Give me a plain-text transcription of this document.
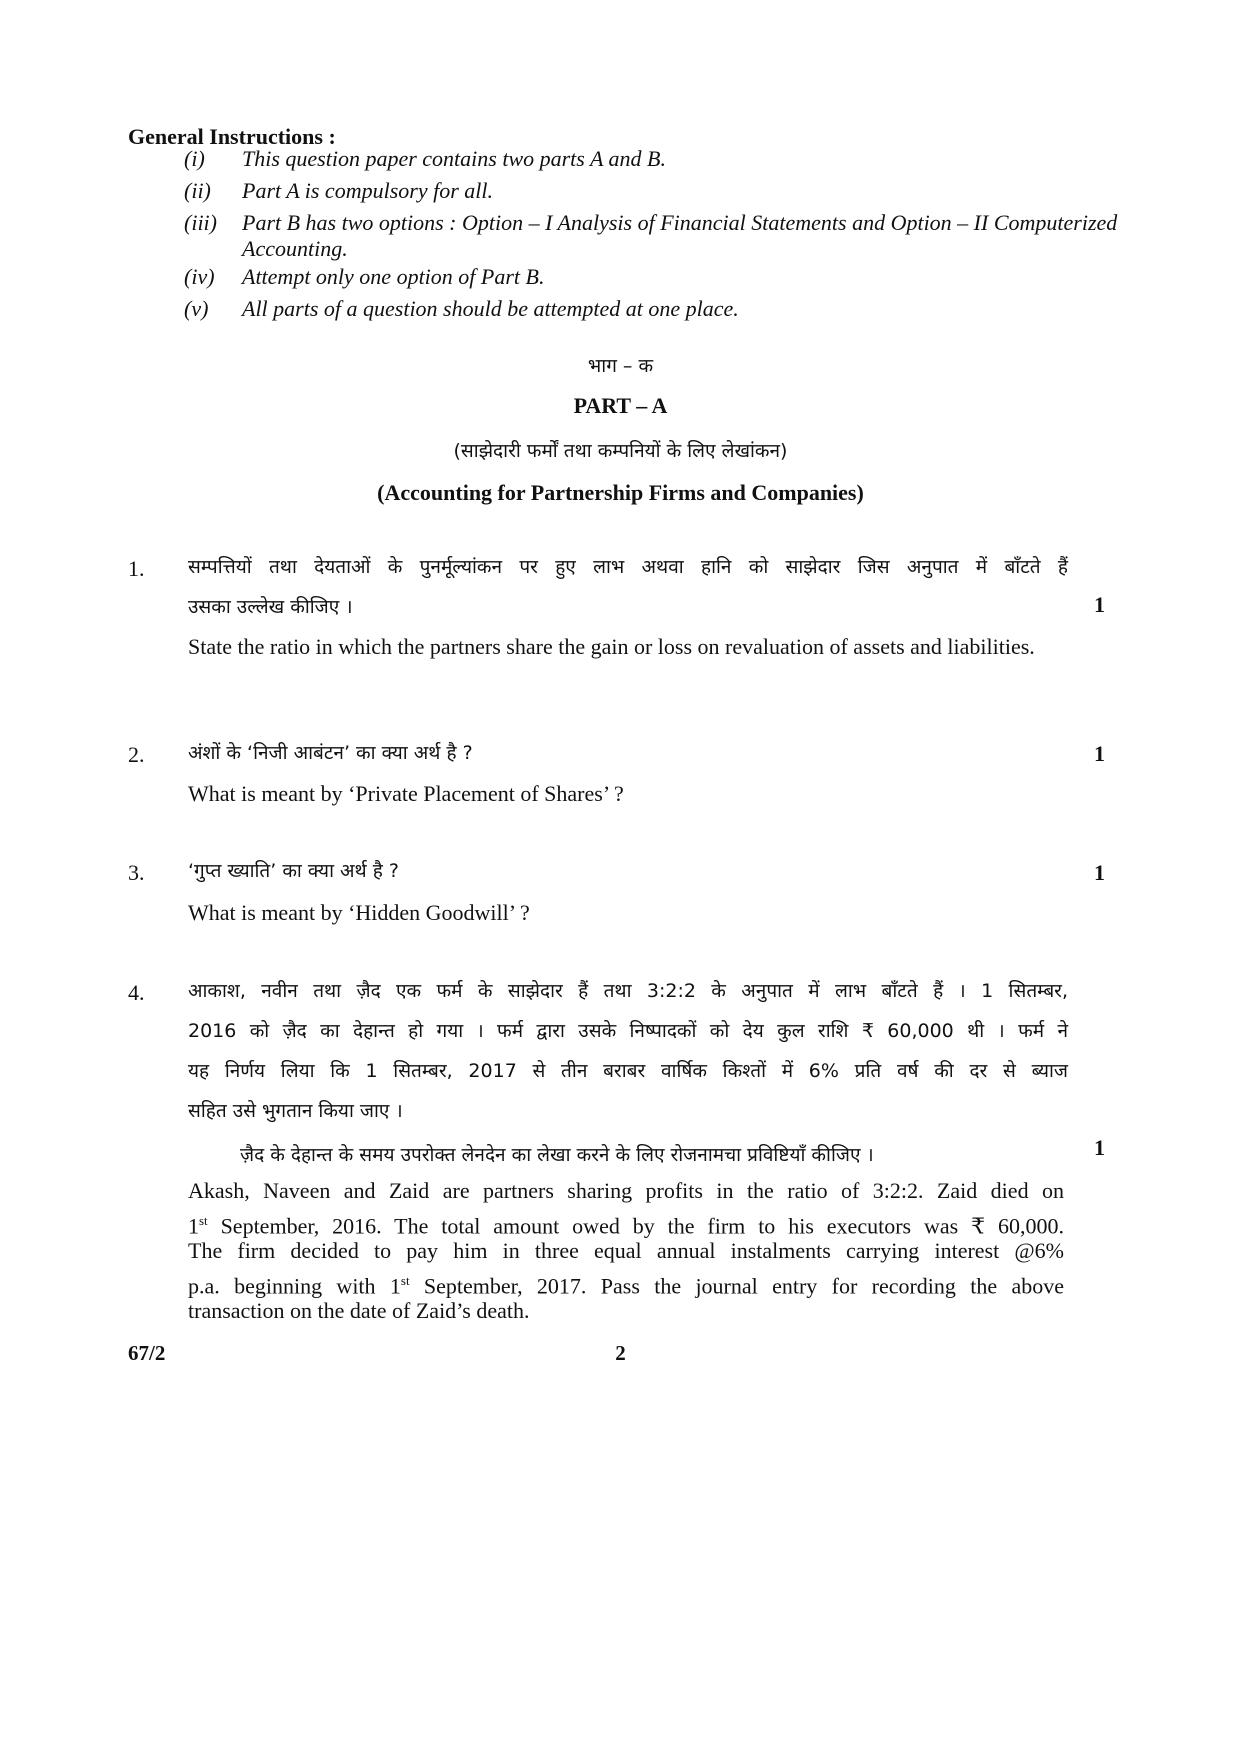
General Instructions :
(i)	This question paper contains two parts A and B.
(ii)	Part A is compulsory for all.
(iii)	Part B has two options : Option – I Analysis of Financial Statements and Option – II Computerized Accounting.
(iv)	Attempt only one option of Part B.
(v)	All parts of a question should be attempted at one place.
भाग – क
PART – A
(साझेदारी फर्मों तथा कम्पनियों के लिए लेखांकन)
(Accounting for Partnership Firms and Companies)
1. सम्पत्तियों तथा देयताओं के पुनर्मूल्यांकन पर हुए लाभ अथवा हानि को साझेदार जिस अनुपात में बाँटते हैं
उसका उल्लेख कीजिए ।	1
State the ratio in which the partners share the gain or loss on revaluation of assets and liabilities.
2. अंशों के ‘निजी आबंटन’ का क्या अर्थ है ?	1
What is meant by ‘Private Placement of Shares’ ?
3. ‘गुप्त ख्याति’ का क्या अर्थ है ?	1
What is meant by ‘Hidden Goodwill’ ?
4. आकाश, नवीन तथा ज़ैद एक फर्म के साझेदार हैं तथा 3:2:2 के अनुपात में लाभ बाँटते हैं । 1 सितम्बर,
2016 को ज़ैद का देहान्त हो गया । फर्म द्वारा उसके निष्पादकों को देय कुल राशि ₹ 60,000 थी । फर्म ने
यह निर्णय लिया कि 1 सितम्बर, 2017 से तीन बराबर वार्षिक किश्तों में 6% प्रति वर्ष की दर से ब्याज
सहित उसे भुगतान किया जाए ।
ज़ैद के देहान्त के समय उपरोक्त लेनदेन का लेखा करने के लिए रोजनामचा प्रविष्टियाँ कीजिए ।	1
Akash, Naveen and Zaid are partners sharing profits in the ratio of 3:2:2. Zaid died on
1st September, 2016. The total amount owed by the firm to his executors was ₹ 60,000.
The firm decided to pay him in three equal annual instalments carrying interest @6%
p.a. beginning with 1st September, 2017. Pass the journal entry for recording the above
transaction on the date of Zaid’s death.
67/2	2
